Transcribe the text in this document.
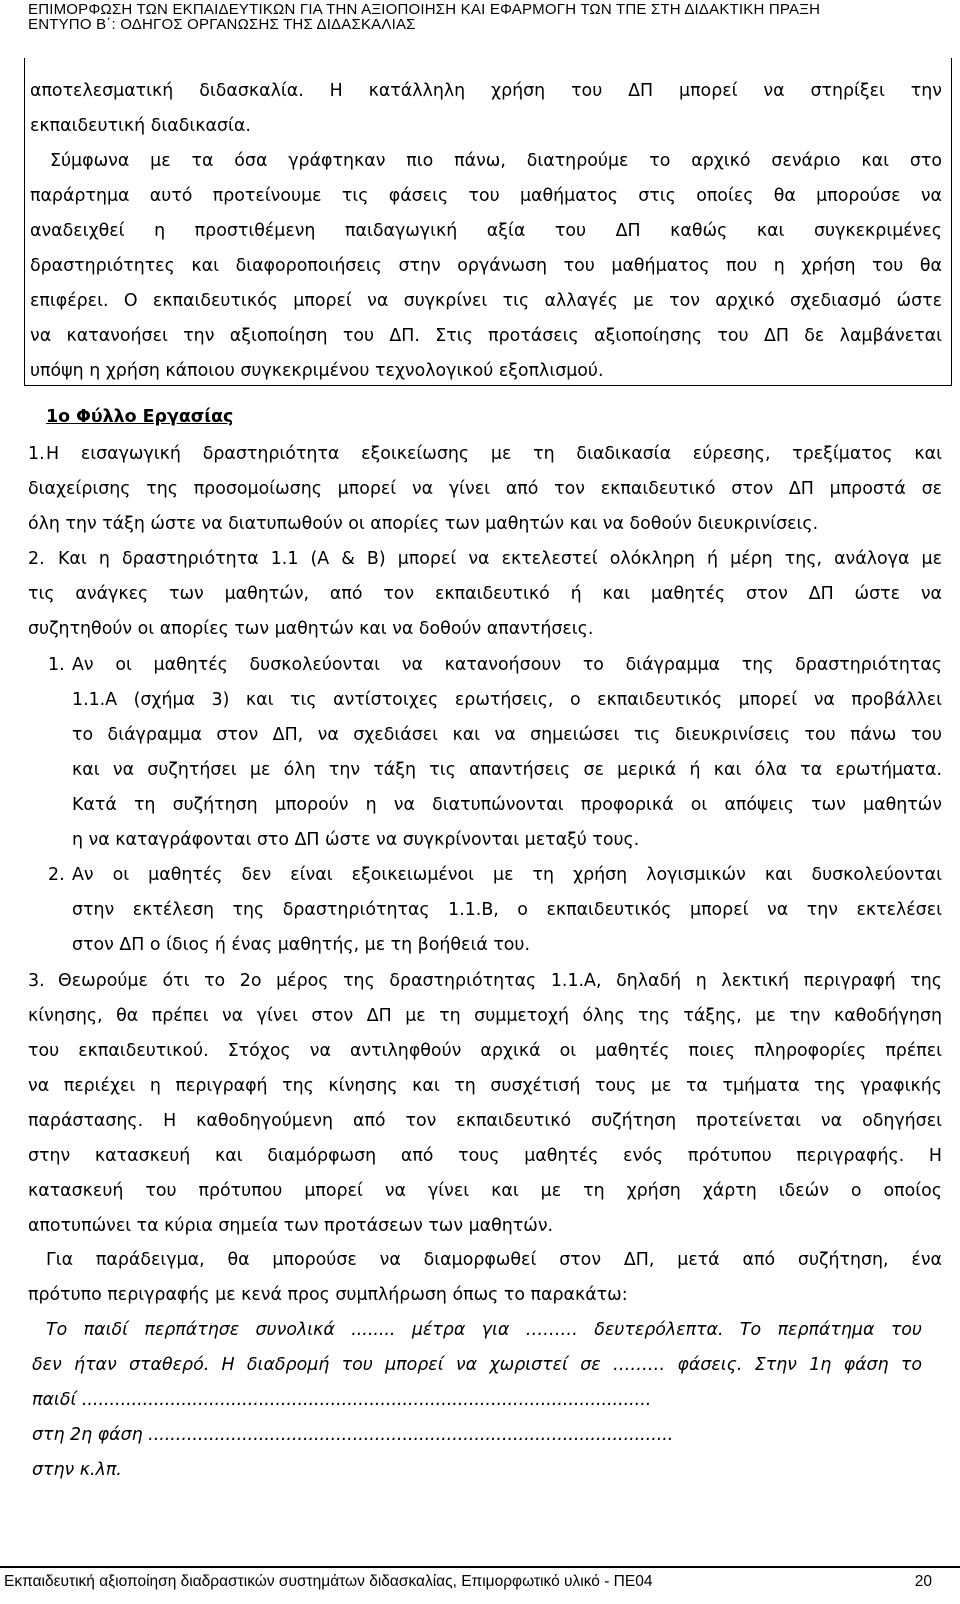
ΕΠΙΜΟΡΦΩΣΗ ΤΩΝ ΕΚΠΑΙΔΕΥΤΙΚΩΝ ΓΙΑ ΤΗΝ ΑΞΙΟΠΟΙΗΣΗ ΚΑΙ ΕΦΑΡΜΟΓΗ ΤΩΝ ΤΠΕ ΣΤΗ ΔΙΔΑΚΤΙΚΗ ΠΡΑΞΗ
ΕΝΤΥΠΟ Β΄: ΟΔΗΓΟΣ ΟΡΓΑΝΩΣΗΣ ΤΗΣ ΔΙΔΑΣΚΑΛΙΑΣ
αποτελεσματική διδασκαλία. Η κατάλληλη χρήση του ΔΠ μπορεί να στηρίξει την
εκπαιδευτική διαδικασία.
Σύμφωνα με τα όσα γράφτηκαν πιο πάνω, διατηρούμε το αρχικό σενάριο και στο
παράρτημα αυτό προτείνουμε τις φάσεις του μαθήματος στις οποίες θα μπορούσε να
αναδειχθεί η προστιθέμενη παιδαγωγική αξία του ΔΠ καθώς και συγκεκριμένες
δραστηριότητες και διαφοροποιήσεις στην οργάνωση του μαθήματος που η χρήση του θα
επιφέρει. Ο εκπαιδευτικός μπορεί να συγκρίνει τις αλλαγές με τον αρχικό σχεδιασμό ώστε
να κατανοήσει την αξιοποίηση του ΔΠ. Στις προτάσεις αξιοποίησης του ΔΠ δε λαμβάνεται
υπόψη η χρήση κάποιου συγκεκριμένου τεχνολογικού εξοπλισμού.
1ο Φύλλο Εργασίας
1. Η εισαγωγική δραστηριότητα εξοικείωσης με τη διαδικασία εύρεσης, τρεξίματος και
διαχείρισης της προσομοίωσης μπορεί να γίνει από τον εκπαιδευτικό στον ΔΠ μπροστά σε
όλη την τάξη ώστε να διατυπωθούν οι απορίες των μαθητών και να δοθούν διευκρινίσεις.
2. Και η δραστηριότητα 1.1 (Α & Β) μπορεί να εκτελεστεί ολόκληρη ή μέρη της, ανάλογα με
τις ανάγκες των μαθητών, από τον εκπαιδευτικό ή και μαθητές στον ΔΠ ώστε να
συζητηθούν οι απορίες των μαθητών και να δοθούν απαντήσεις.
1. Αν οι μαθητές δυσκολεύονται να κατανοήσουν το διάγραμμα της δραστηριότητας
1.1.Α (σχήμα 3) και τις αντίστοιχες ερωτήσεις, ο εκπαιδευτικός μπορεί να προβάλλει
το διάγραμμα στον ΔΠ, να σχεδιάσει και να σημειώσει τις διευκρινίσεις του πάνω του
και να συζητήσει με όλη την τάξη τις απαντήσεις σε μερικά ή και όλα τα ερωτήματα.
Κατά τη συζήτηση μπορούν η να διατυπώνονται προφορικά οι απόψεις των μαθητών
η να καταγράφονται στο ΔΠ ώστε να συγκρίνονται μεταξύ τους.
2. Αν οι μαθητές δεν είναι εξοικειωμένοι με τη χρήση λογισμικών και δυσκολεύονται
στην εκτέλεση της δραστηριότητας 1.1.Β, ο εκπαιδευτικός μπορεί να την εκτελέσει
στον ΔΠ ο ίδιος ή ένας μαθητής, με τη βοήθειά του.
3. Θεωρούμε ότι το 2ο μέρος της δραστηριότητας 1.1.Α, δηλαδή η λεκτική περιγραφή της
κίνησης, θα πρέπει να γίνει στον ΔΠ με τη συμμετοχή όλης της τάξης, με την καθοδήγηση
του εκπαιδευτικού. Στόχος να αντιληφθούν αρχικά οι μαθητές ποιες πληροφορίες πρέπει
να περιέχει η περιγραφή της κίνησης και τη συσχέτισή τους με τα τμήματα της γραφικής
παράστασης. Η καθοδηγούμενη από τον εκπαιδευτικό συζήτηση προτείνεται να οδηγήσει
στην κατασκευή και διαμόρφωση από τους μαθητές ενός πρότυπου περιγραφής. Η
κατασκευή του πρότυπου μπορεί να γίνει και με τη χρήση χάρτη ιδεών ο οποίος
αποτυπώνει τα κύρια σημεία των προτάσεων των μαθητών.
Για παράδειγμα, θα μπορούσε να διαμορφωθεί στον ΔΠ, μετά από συζήτηση, ένα
πρότυπο περιγραφής με κενά προς συμπλήρωση όπως το παρακάτω:
Το παιδί περπάτησε συνολικά ........ μέτρα για ……… δευτερόλεπτα. Το περπάτημα του
δεν ήταν σταθερό. Η διαδρομή του μπορεί να χωριστεί σε ……… φάσεις. Στην 1η φάση το
παιδί .......................................................................................................
στη 2η φάση ...............................................................................................
στην κ.λπ.
Εκπαιδευτική αξιοποίηση διαδραστικών συστημάτων διδασκαλίας, Επιμορφωτικό υλικό - ΠΕ04	20
